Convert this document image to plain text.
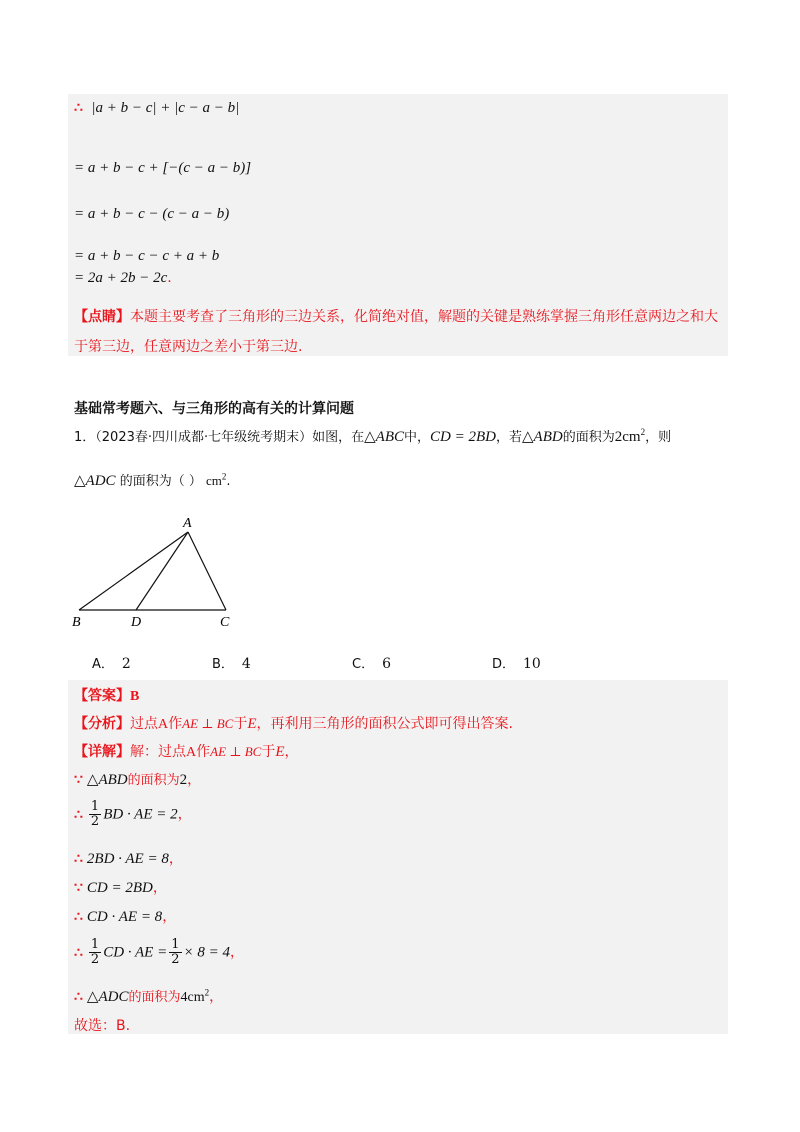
∴ |a + b − c| + |c − a − b|
= a + b − c + [−(c − a − b)]
= a + b − c − (c − a − b)
= a + b − c − c + a + b
= 2a + 2b − 2c.
【点睛】本题主要考查了三角形的三边关系，化简绝对值，解题的关键是熟练掌握三角形任意两边之和大
于第三边，任意两边之差小于第三边.
基础常考题六、与三角形的高有关的计算问题
1．（2023春·四川成都·七年级统考期末）如图，在△ABC中，CD = 2BD，若△ABD的面积为$2cm^2$，则
△ADC 的面积为（ ） $cm^2$.
A
B	D	C
A． 2	B． 4	C． 6	D． 10
【答案】B
【分析】过点A作AE ⊥ BC于E，再利用三角形的面积公式即可得出答案.
【详解】解：过点A作AE ⊥ BC于E，
∵ △ABD的面积为2，
∴ $\frac{1}{2}$ BD · AE = 2，
∴ 2BD · AE = 8，
∵ CD = 2BD，
∴ CD · AE = 8，
∴ $\frac{1}{2}$ CD · AE = $\frac{1}{2} \times 8 = 4$，
∴ △ADC的面积为$4cm^2$，
故选：B.
